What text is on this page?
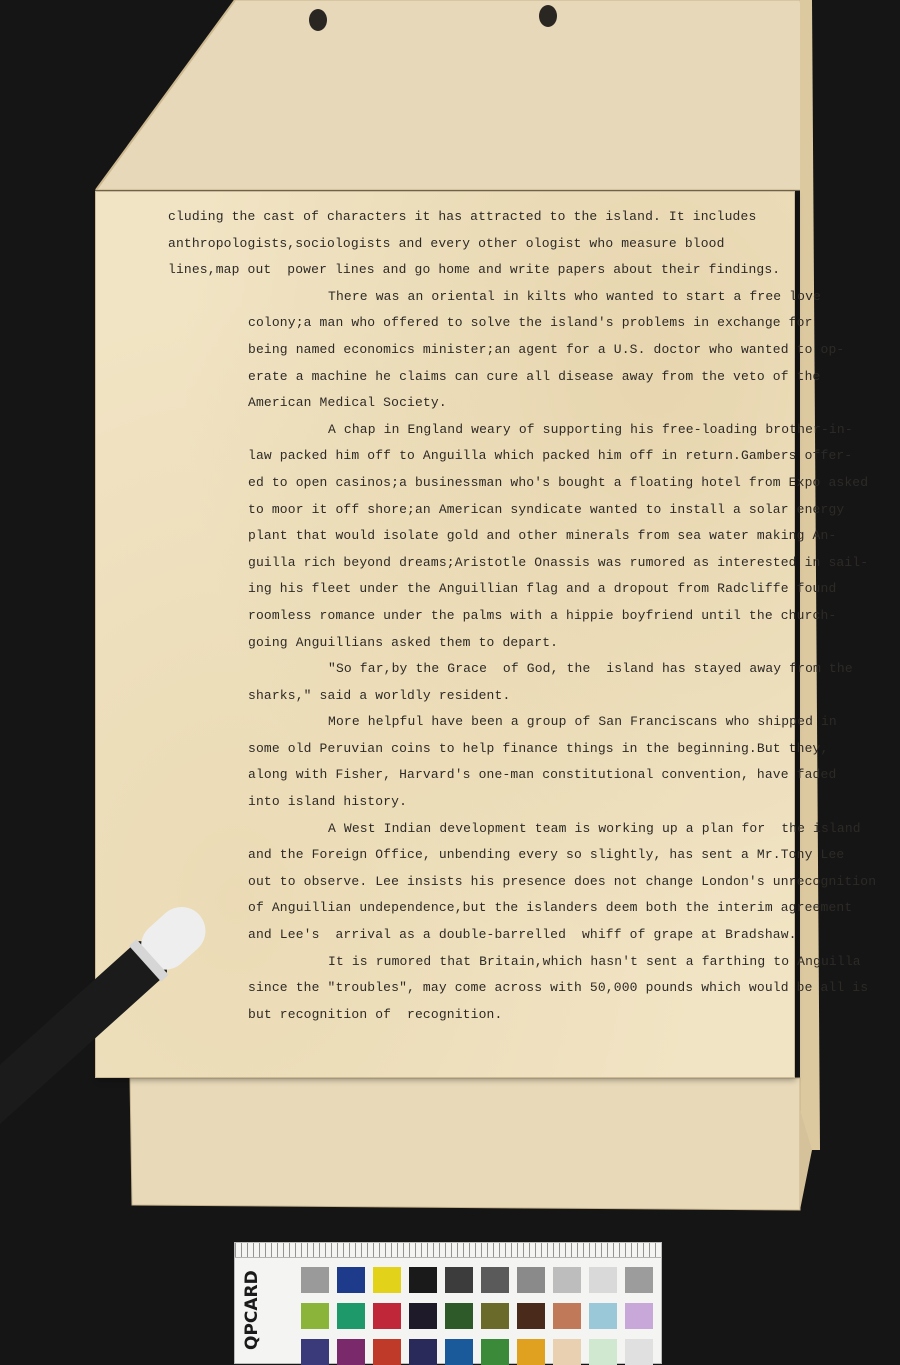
cluding the cast of characters it has attracted to the island. It includes
anthropologists,sociologists and every other ologist who measure blood
lines,map out  power lines and go home and write papers about their findings.
There was an oriental in kilts who wanted to start a free love
colony;a man who offered to solve the island's problems in exchange for
being named economics minister;an agent for a U.S. doctor who wanted to op-
erate a machine he claims can cure all disease away from the veto of the
American Medical Society.
A chap in England weary of supporting his free-loading brother-in-
law packed him off to Anguilla which packed him off in return.Gambers offer-
ed to open casinos;a businessman who's bought a floating hotel from Expo asked
to moor it off shore;an American syndicate wanted to install a solar energy
plant that would isolate gold and other minerals from sea water making An-
guilla rich beyond dreams;Aristotle Onassis was rumored as interested in sail-
ing his fleet under the Anguillian flag and a dropout from Radcliffe found
roomless romance under the palms with a hippie boyfriend until the church-
going Anguillians asked them to depart.
"So far,by the Grace  of God, the  island has stayed away from the
sharks," said a worldly resident.
More helpful have been a group of San Franciscans who shipped in
some old Peruvian coins to help finance things in the beginning.But they,
along with Fisher, Harvard's one-man constitutional convention, have faded
into island history.
A West Indian development team is working up a plan for  the island
and the Foreign Office, unbending every so slightly, has sent a Mr.Tony Lee
out to observe. Lee insists his presence does not change London's unrecognition
of Anguillian undependence,but the islanders deem both the interim agreement
and Lee's  arrival as a double-barrelled  whiff of grape at Bradshaw.
It is rumored that Britain,which hasn't sent a farthing to Anguilla
since the "troubles", may come across with 50,000 pounds which would be all is
but recognition of  recognition.
QPCARD
